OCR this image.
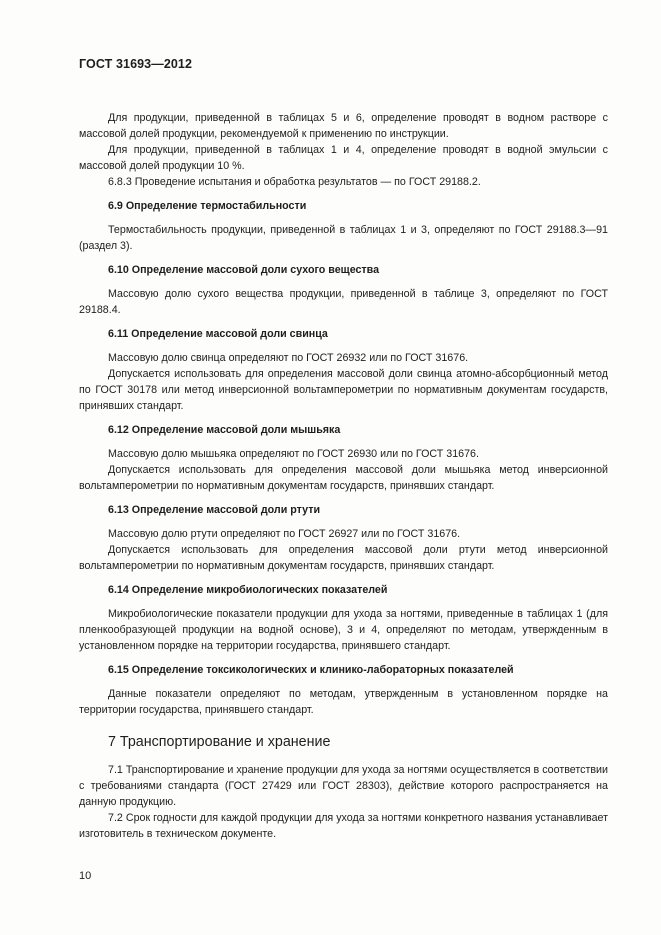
ГОСТ 31693—2012

Для продукции, приведенной в таблицах 5 и 6, определение проводят в водном растворе с массовой долей продукции, рекомендуемой к применению по инструкции.

Для продукции, приведенной в таблицах 1 и 4, определение проводят в водной эмульсии с массовой долей продукции 10 %.

6.8.3 Проведение испытания и обработка результатов — по ГОСТ 29188.2.

6.9 Определение термостабильности

Термостабильность продукции, приведенной в таблицах 1 и 3, определяют по ГОСТ 29188.3—91 (раздел 3).

6.10 Определение массовой доли сухого вещества

Массовую долю сухого вещества продукции, приведенной в таблице 3, определяют по ГОСТ 29188.4.

6.11 Определение массовой доли свинца

Массовую долю свинца определяют по ГОСТ 26932 или по ГОСТ 31676.

Допускается использовать для определения массовой доли свинца атомно-абсорбционный метод по ГОСТ 30178 или метод инверсионной вольтамперометрии по нормативным документам государств, принявших стандарт.

6.12 Определение массовой доли мышьяка

Массовую долю мышьяка определяют по ГОСТ 26930 или по ГОСТ 31676.

Допускается использовать для определения массовой доли мышьяка метод инверсионной вольтамперометрии по нормативным документам государств, принявших стандарт.

6.13 Определение массовой доли ртути

Массовую долю ртути определяют по ГОСТ 26927 или по ГОСТ 31676.

Допускается использовать для определения массовой доли ртути метод инверсионной вольтамперометрии по нормативным документам государств, принявших стандарт.

6.14 Определение микробиологических показателей

Микробиологические показатели продукции для ухода за ногтями, приведенные в таблицах 1 (для пленкообразующей продукции на водной основе), 3 и 4, определяют по методам, утвержденным в установленном порядке на территории государства, принявшего стандарт.

6.15 Определение токсикологических и клинико-лабораторных показателей

Данные показатели определяют по методам, утвержденным в установленном порядке на территории государства, принявшего стандарт.

7 Транспортирование и хранение

7.1 Транспортирование и хранение продукции для ухода за ногтями осуществляется в соответствии с требованиями стандарта (ГОСТ 27429 или ГОСТ 28303), действие которого распространяется на данную продукцию.

7.2 Срок годности для каждой продукции для ухода за ногтями конкретного названия устанавливает изготовитель в техническом документе.

10
